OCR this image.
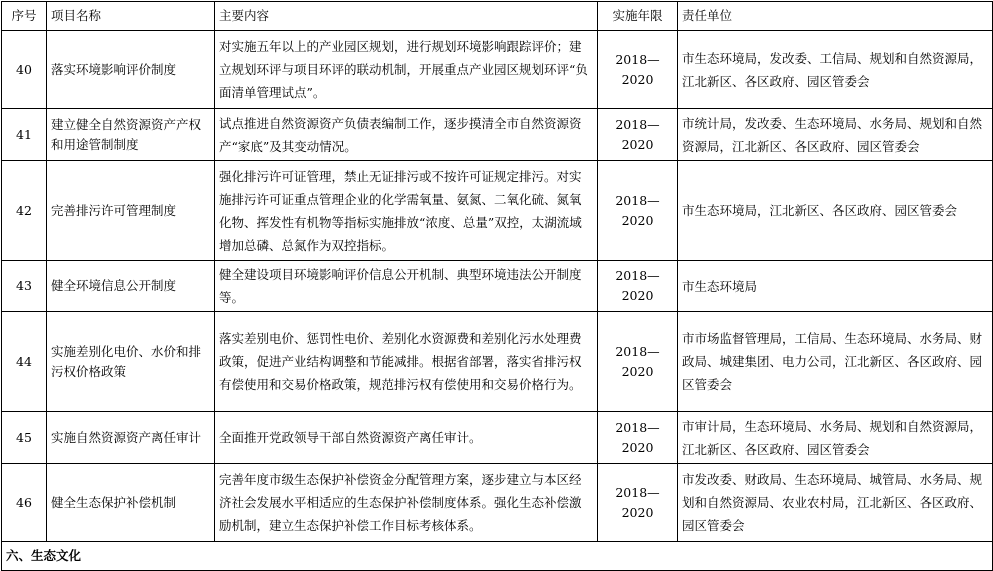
序号	项目名称	主要内容	实施年限	责任单位
40	落实环境影响评价制度	对实施五年以上的产业园区规划，进行规划环境影响跟踪评价；建立规划环评与项目环评的联动机制，开展重点产业园区规划环评“负面清单管理试点”。	2018—2020	市生态环境局，发改委、工信局、规划和自然资源局，江北新区、各区政府、园区管委会
41	建立健全自然资源资产产权和用途管制制度	试点推进自然资源资产负债表编制工作，逐步摸清全市自然资源资产“家底”及其变动情况。	2018—2020	市统计局，发改委、生态环境局、水务局、规划和自然资源局，江北新区、各区政府、园区管委会
42	完善排污许可管理制度	强化排污许可证管理，禁止无证排污或不按许可证规定排污。对实施排污许可证重点管理企业的化学需氧量、氨氮、二氧化硫、氮氧化物、挥发性有机物等指标实施排放“浓度、总量”双控，太湖流域增加总磷、总氮作为双控指标。	2018—2020	市生态环境局，江北新区、各区政府、园区管委会
43	健全环境信息公开制度	健全建设项目环境影响评价信息公开机制、典型环境违法公开制度等。	2018—2020	市生态环境局
44	实施差别化电价、水价和排污权价格政策	落实差别电价、惩罚性电价、差别化水资源费和差别化污水处理费政策，促进产业结构调整和节能减排。根据省部署，落实省排污权有偿使用和交易价格政策，规范排污权有偿使用和交易价格行为。	2018—2020	市市场监督管理局，工信局、生态环境局、水务局、财政局、城建集团、电力公司，江北新区、各区政府、园区管委会
45	实施自然资源资产离任审计	全面推开党政领导干部自然资源资产离任审计。	2018—2020	市审计局，生态环境局、水务局、规划和自然资源局，江北新区、各区政府、园区管委会
46	健全生态保护补偿机制	完善年度市级生态保护补偿资金分配管理方案，逐步建立与本区经济社会发展水平相适应的生态保护补偿制度体系。强化生态补偿激励机制，建立生态保护补偿工作目标考核体系。	2018—2020	市发改委、财政局、生态环境局、城管局、水务局、规划和自然资源局、农业农村局，江北新区、各区政府、园区管委会
六、生态文化				
